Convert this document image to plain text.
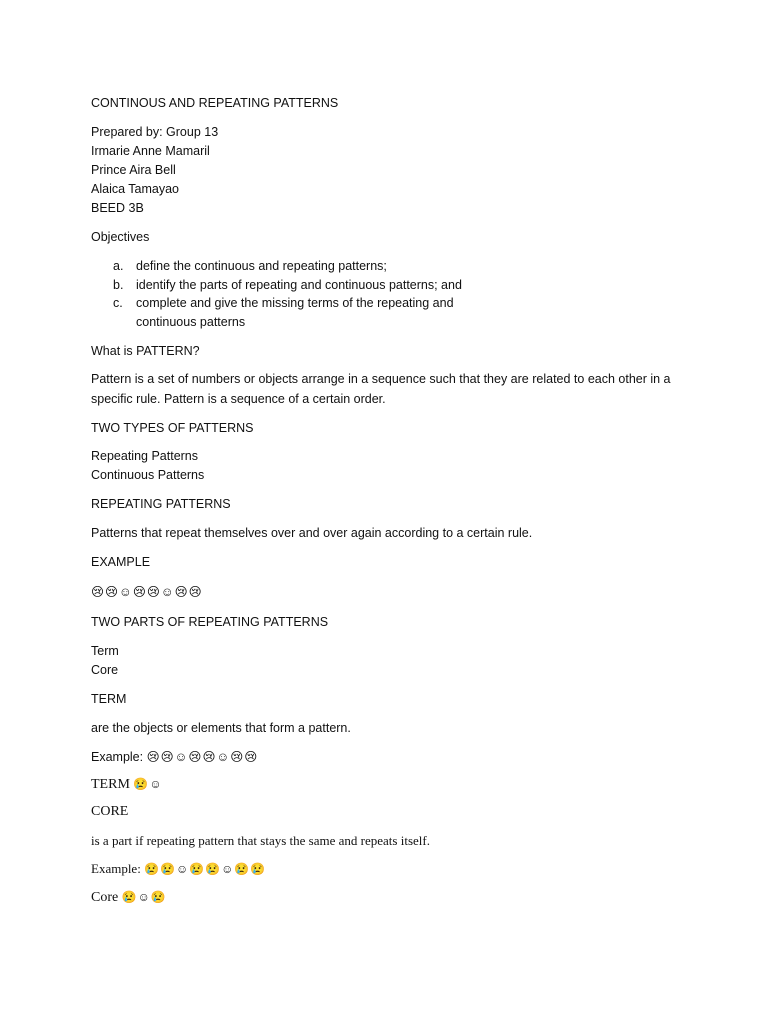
CONTINOUS AND REPEATING PATTERNS
Prepared by: Group 13
Irmarie Anne Mamaril
Prince Aira Bell
Alaica Tamayao
BEED 3B
Objectives
a. define the continuous and repeating patterns;
b. identify the parts of repeating and continuous patterns; and
c. complete and give the missing terms of the repeating and
continuous patterns
What is PATTERN?
Pattern is a set of numbers or objects arrange in a sequence such that they are related to each other in a
specific rule. Pattern is a sequence of a certain order.
TWO TYPES OF PATTERNS
Repeating Patterns
Continuous Patterns
REPEATING PATTERNS
Patterns that repeat themselves over and over again according to a certain rule.
EXAMPLE
😢😢☺😢😢☺😢😢
TWO PARTS OF REPEATING PATTERNS
Term
Core
TERM
are the objects or elements that form a pattern.
Example: 😢😢☺😢😢☺😢😢
TERM 😢☺
CORE
is a part if repeating pattern that stays the same and repeats itself.
Example: 😢😢☺😢😢☺😢😢
Core 😢☺😢
